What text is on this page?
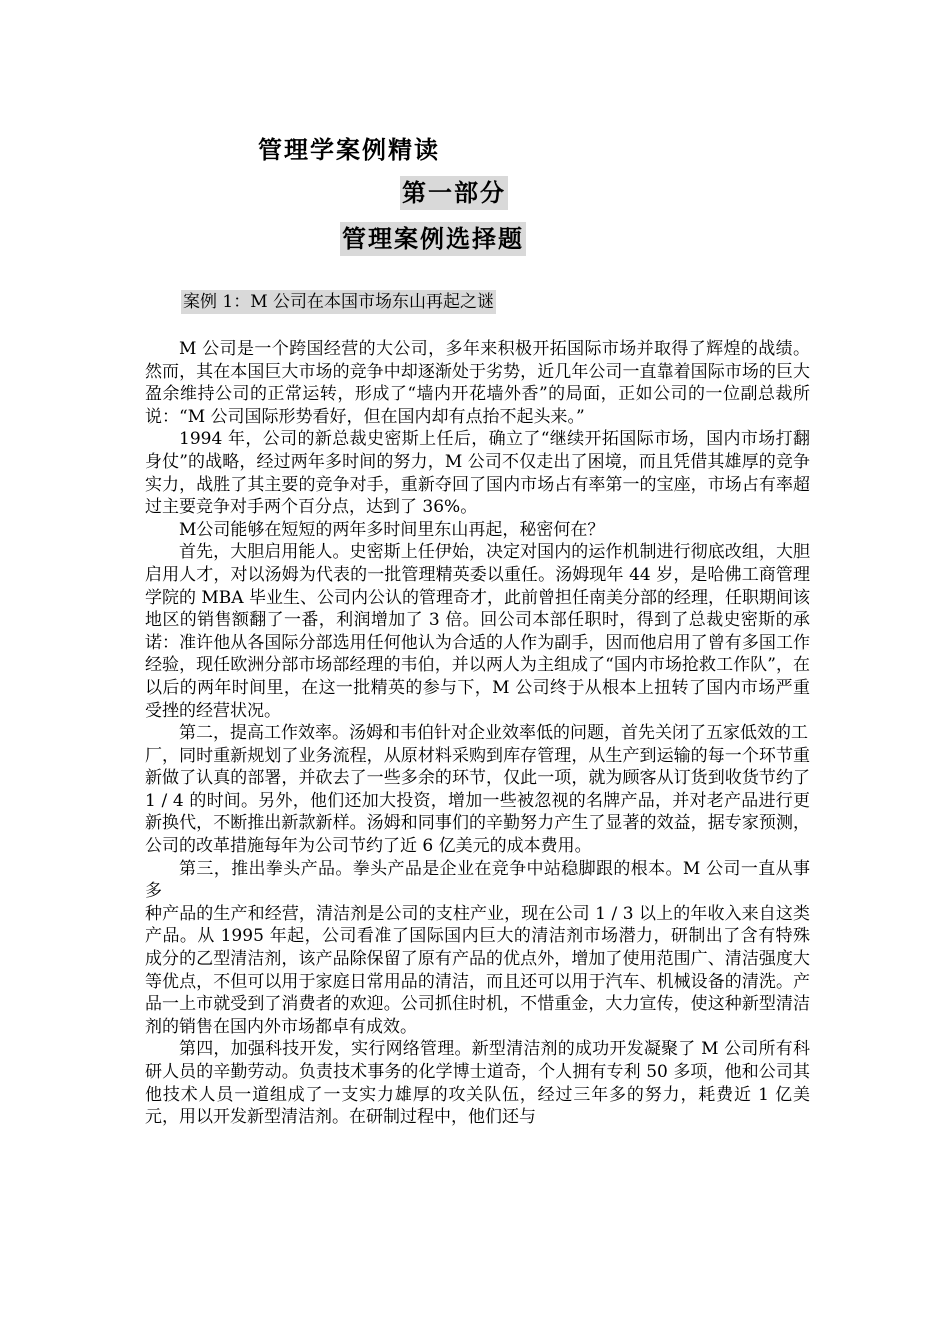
管理学案例精读
第一部分
管理案例选择题
案例 1：M 公司在本国市场东山再起之谜

M 公司是一个跨国经营的大公司，多年来积极开拓国际市场并取得了辉煌的战绩。然而，其在本国巨大市场的竞争中却逐渐处于劣势，近几年公司一直靠着国际市场的巨大盈余维持公司的正常运转，形成了“墙内开花墙外香”的局面，正如公司的一位副总裁所说：“M 公司国际形势看好，但在国内却有点抬不起头来。”

1994 年，公司的新总裁史密斯上任后，确立了“继续开拓国际市场，国内市场打翻身仗”的战略，经过两年多时间的努力，M 公司不仅走出了困境，而且凭借其雄厚的竞争实力，战胜了其主要的竞争对手，重新夺回了国内市场占有率第一的宝座，市场占有率超过主要竞争对手两个百分点，达到了 36%。

M公司能够在短短的两年多时间里东山再起，秘密何在？

首先，大胆启用能人。史密斯上任伊始，决定对国内的运作机制进行彻底改组，大胆启用人才，对以汤姆为代表的一批管理精英委以重任。汤姆现年 44 岁，是哈佛工商管理学院的 MBA 毕业生、公司内公认的管理奇才，此前曾担任南美分部的经理，任职期间该地区的销售额翻了一番，利润增加了 3 倍。回公司本部任职时，得到了总裁史密斯的承诺：准许他从各国际分部选用任何他认为合适的人作为副手，因而他启用了曾有多国工作经验，现任欧洲分部市场部经理的韦伯，并以两人为主组成了“国内市场抢救工作队”，在以后的两年时间里，在这一批精英的参与下，M 公司终于从根本上扭转了国内市场严重受挫的经营状况。

第二，提高工作效率。汤姆和韦伯针对企业效率低的问题，首先关闭了五家低效的工

厂，同时重新规划了业务流程，从原材料采购到库存管理，从生产到运输的每一个环节重新做了认真的部署，并砍去了一些多余的环节，仅此一项，就为顾客从订货到收货节约了 1 / 4 的时间。另外，他们还加大投资，增加一些被忽视的名牌产品，并对老产品进行更新换代，不断推出新款新样。汤姆和同事们的辛勤努力产生了显著的效益，据专家预测，公司的改革措施每年为公司节约了近 6 亿美元的成本费用。

第三，推出拳头产品。拳头产品是企业在竞争中站稳脚跟的根本。M 公司一直从事多

种产品的生产和经营，清洁剂是公司的支柱产业，现在公司 1 / 3 以上的年收入来自这类产品。从 1995 年起，公司看准了国际国内巨大的清洁剂市场潜力，研制出了含有特殊成分的乙型清洁剂，该产品除保留了原有产品的优点外，增加了使用范围广、清洁强度大等优点，不但可以用于家庭日常用品的清洁，而且还可以用于汽车、机械设备的清洗。产品一上市就受到了消费者的欢迎。公司抓住时机，不惜重金，大力宣传，使这种新型清洁剂的销售在国内外市场都卓有成效。

第四，加强科技开发，实行网络管理。新型清洁剂的成功开发凝聚了 M 公司所有科研人员的辛勤劳动。负责技术事务的化学博士道奇，个人拥有专利 50 多项，他和公司其他技术人员一道组成了一支实力雄厚的攻关队伍，经过三年多的努力，耗费近 1 亿美元，用以开发新型清洁剂。在研制过程中，他们还与
